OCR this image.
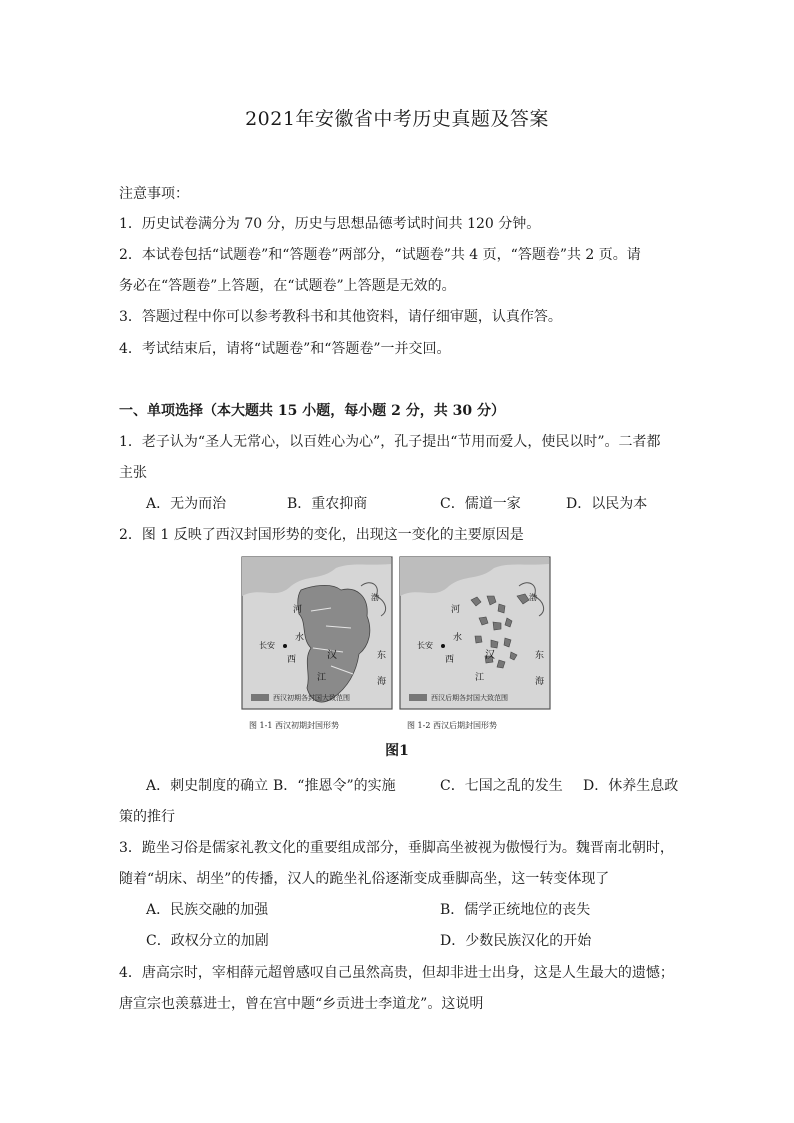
2021年安徽省中考历史真题及答案
注意事项：
1．历史试卷满分为 70 分，历史与思想品德考试时间共 120 分钟。
2．本试卷包括“试题卷”和“答题卷”两部分，“试题卷”共 4 页，“答题卷”共 2 页。请
务必在“答题卷”上答题，在“试题卷”上答题是无效的。
3．答题过程中你可以参考教科书和其他资料，请仔细审题，认真作答。
4．考试结束后，请将“试题卷”和“答题卷”一并交回。
一、单项选择（本大题共 15 小题，每小题 2 分，共 30 分）
1．老子认为“圣人无常心，以百姓心为心”，孔子提出“节用而爱人，使民以时”。二者都
主张
A．无为而治	B．重农抑商	C．儒道一家	D．以民为本
2．图 1 反映了西汉封国形势的变化，出现这一变化的主要原因是
西汉初期各封国大致范围
长安
河
水
西	汉
江
东
海
渤
西汉后期各封国大致范围
长安
河
水
西	汉
江
东
海
渤
图 1-1 西汉初期封国形势	图 1-2 西汉后期封国形势
图1
A．刺史制度的确立 B．“推恩令”的实施	C．七国之乱的发生 D．休养生息政
策的推行
3．跪坐习俗是儒家礼教文化的重要组成部分，垂脚高坐被视为傲慢行为。魏晋南北朝时，
随着“胡床、胡坐”的传播，汉人的跪坐礼俗逐渐变成垂脚高坐，这一转变体现了
A．民族交融的加强	B．儒学正统地位的丧失
C．政权分立的加剧	D．少数民族汉化的开始
4．唐高宗时，宰相薛元超曾感叹自己虽然高贵，但却非进士出身，这是人生最大的遗憾；
唐宣宗也羡慕进士，曾在宫中题“乡贡进士李道龙”。这说明
